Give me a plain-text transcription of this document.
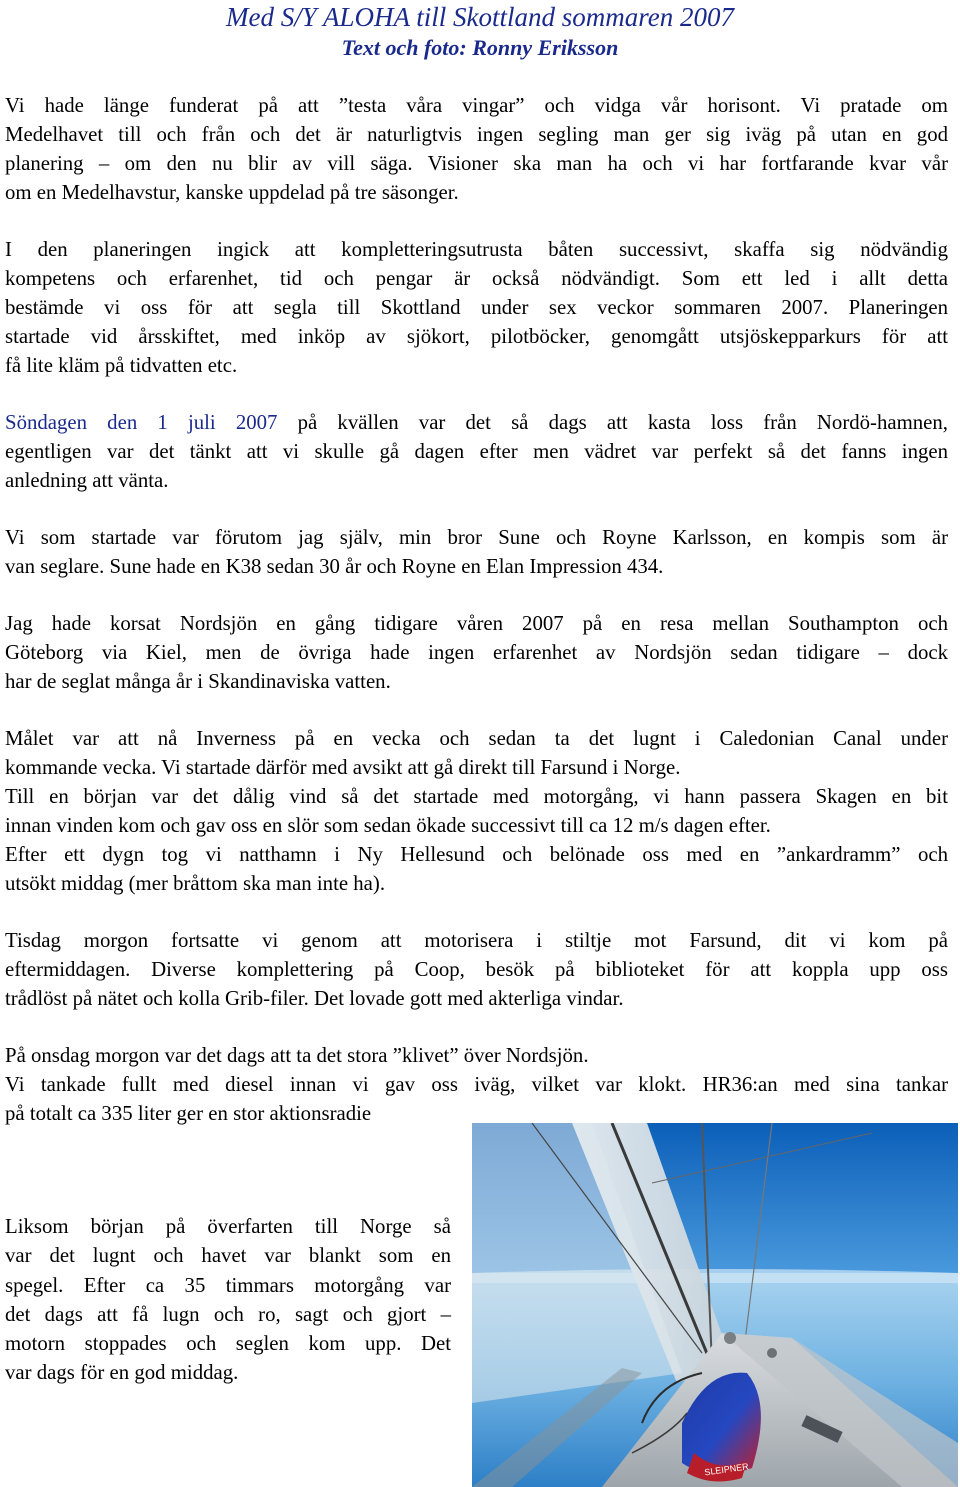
Med S/Y ALOHA till Skottland sommaren 2007
Text och foto: Ronny Eriksson
Vi hade länge funderat på att ”testa våra vingar” och vidga vår horisont. Vi pratade om
Medelhavet till och från och det är naturligtvis ingen segling man ger sig iväg på utan en god
planering – om den nu blir av vill säga. Visioner ska man ha och vi har fortfarande kvar vår
om en Medelhavstur, kanske uppdelad på tre säsonger.
I den planeringen ingick att kompletteringsutrusta båten successivt, skaffa sig nödvändig
kompetens och erfarenhet, tid och pengar är också nödvändigt. Som ett led i allt detta
bestämde vi oss för att segla till Skottland under sex veckor sommaren 2007. Planeringen
startade vid årsskiftet, med inköp av sjökort, pilotböcker, genomgått utsjöskepparkurs för att
få lite kläm på tidvatten etc.
Söndagen den 1 juli 2007 på kvällen var det så dags att kasta loss från Nordö-hamnen,
egentligen var det tänkt att vi skulle gå dagen efter men vädret var perfekt så det fanns ingen
anledning att vänta.
Vi som startade var förutom jag själv, min bror Sune och Royne Karlsson, en kompis som är
van seglare. Sune hade en K38 sedan 30 år och Royne en Elan Impression 434.
Jag hade korsat Nordsjön en gång tidigare våren 2007 på en resa mellan Southampton och
Göteborg via Kiel, men de övriga hade ingen erfarenhet av Nordsjön sedan tidigare – dock
har de seglat många år i Skandinaviska vatten.
Målet var att nå Inverness på en vecka och sedan ta det lugnt i Caledonian Canal under
kommande vecka. Vi startade därför med avsikt att gå direkt till Farsund i Norge.
Till en början var det dålig vind så det startade med motorgång, vi hann passera Skagen en bit
innan vinden kom och gav oss en slör som sedan ökade successivt till ca 12 m/s dagen efter.
Efter ett dygn tog vi natthamn i Ny Hellesund och belönade oss med en ”ankardramm” och
utsökt middag (mer bråttom ska man inte ha).
Tisdag morgon fortsatte vi genom att motorisera i stiltje mot Farsund, dit vi kom på
eftermiddagen. Diverse komplettering på Coop, besök på biblioteket för att koppla upp oss
trådlöst på nätet och kolla Grib-filer. Det lovade gott med akterliga vindar.
På onsdag morgon var det dags att ta det stora ”klivet” över Nordsjön.
Vi tankade fullt med diesel innan vi gav oss iväg, vilket var klokt. HR36:an med sina tankar
på totalt ca 335 liter ger en stor aktionsradie
Liksom början på överfarten till Norge så
var det lugnt och havet var blankt som en
spegel. Efter ca 35 timmars motorgång var
det dags att få lugn och ro, sagt och gjort –
motorn stoppades och seglen kom upp. Det
var dags för en god middag.
SLEIPNER
